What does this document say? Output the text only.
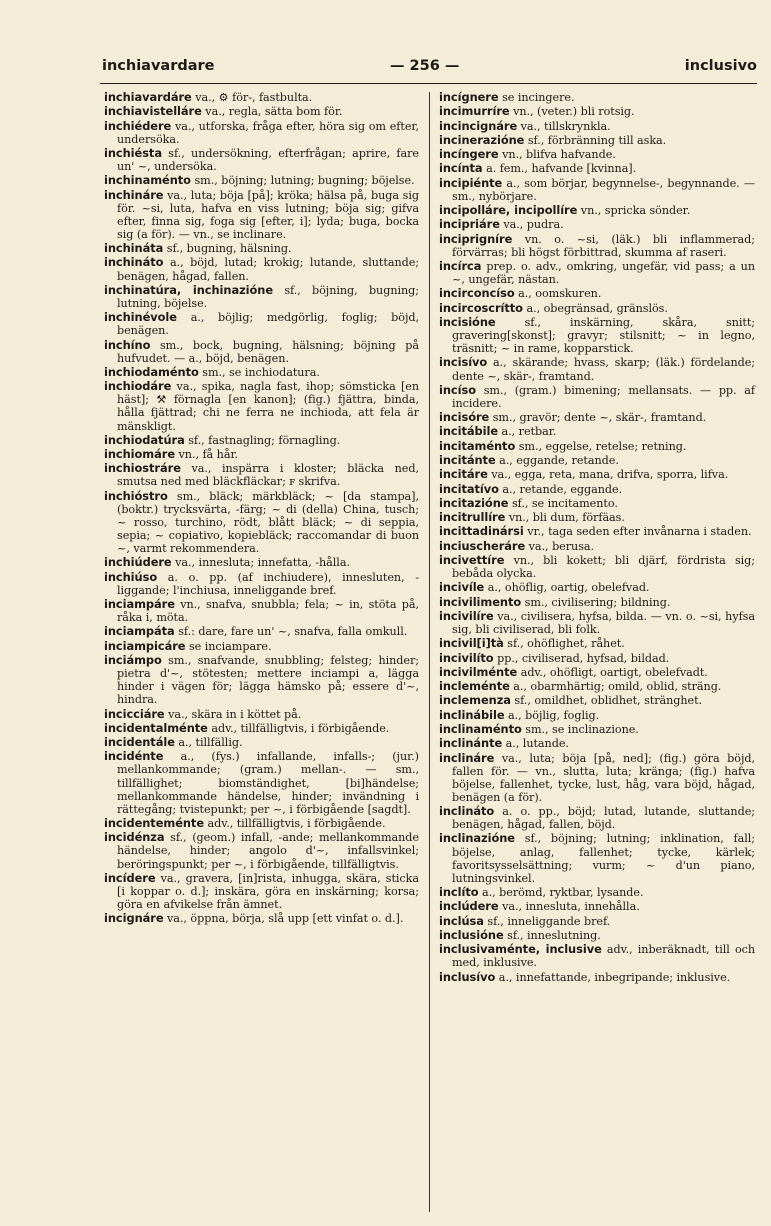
inchiavardare	— 256 —	inclusivo

inchiavardáre va., ⚙ för-, fastbulta.

inchiavistelláre va., regla, sätta bom för.

inchiédere va., utforska, fråga efter, höra sig om efter, undersöka.

inchiésta sf., undersökning, efterfrågan; aprire, fare un' ~, undersöka.

inchinaménto sm., böjning; lutning; bugning; böjelse.

inchináre va., luta; böja [på]; kröka; hälsa på, buga sig för. ~si, luta, hafva en viss lutning; böja sig; gifva efter, finna sig, foga sig [efter, i]; lyda; buga, bocka sig (a för). — vn., se inclinare.

inchináta sf., bugning, hälsning.

inchináto a., böjd, lutad; krokig; lutande, sluttande; benägen, hågad, fallen.

inchinatúra, inchinazióne sf., böjning, bugning; lutning, böjelse.

inchinévole a., böjlig; medgörlig, foglig; böjd, benägen.

inchíno sm., bock, bugning, hälsning; böjning på hufvudet. — a., böjd, benägen.

inchiodaménto sm., se inchiodatura.

inchiodáre va., spika, nagla fast, ihop; sömsticka [en häst]; ⚒ förnagla [en kanon]; (fig.) fjättra, binda, hålla fjättrad; chi ne ferra ne inchioda, att fela är mänskligt.

inchiodatúra sf., fastnagling; förnagling.

inchiomáre vn., få hår.

inchiostráre va., inspärra i kloster; bläcka ned, smutsa ned med bläckfläckar; ꜰ skrifva.

inchióstro sm., bläck; märkbläck; ~ [da stampa], (boktr.) trycksvärta, -färg; ~ di (della) China, tusch; ~ rosso, turchino, rödt, blått bläck; ~ di seppia, sepia; ~ copiativo, kopiebläck; raccomandar di buon ~, varmt rekommendera.

inchiúdere va., innesluta; innefatta, -hålla.

inchiúso a. o. pp. (af inchiudere), innesluten, -liggande; l'inchiusa, inneliggande bref.

inciampáre vn., snafva, snubbla; fela; ~ in, stöta på, råka i, möta.

inciampáta sf.: dare, fare un' ~, snafva, falla omkull.

inciampicáre se inciampare.

inciámpo sm., snafvande, snubbling; felsteg; hinder; pietra d'~, stötesten; mettere inciampi a, lägga hinder i vägen för; lägga hämsko på; essere d'~, hindra.

incicciáre va., skära in i köttet på.

incidentalménte adv., tillfälligtvis, i förbigående.

incidentále a., tillfällig.

incidénte a., (fys.) infallande, infalls-; (jur.) mellankommande; (gram.) mellan-. — sm., tillfällighet; biomständighet, [bi]händelse; mellankommande händelse, hinder; invändning i rättegång; tvistepunkt; per ~, i förbigående [sagdt].

incidenteménte adv., tillfälligtvis, i förbigående.

incidénza sf., (geom.) infall, -ande; mellankommande händelse, hinder; angolo d'~, infallsvinkel; beröringspunkt; per ~, i förbigående, tillfälligtvis.

incídere va., gravera, [in]rista, inhugga, skära, sticka [i koppar o. d.]; inskära, göra en inskärning; korsa; göra en afvikelse från ämnet.

incignáre va., öppna, börja, slå upp [ett vinfat o. d.].

incígnere se incingere.

incimurríre vn., (veter.) bli rotsig.

incincignáre va., tillskrynkla.

incinerazióne sf., förbränning till aska.

incíngere vn., blifva hafvande.

incínta a. fem., hafvande [kvinna].

incipiénte a., som börjar, begynnelse-, begynnande. — sm., nybörjare.

incipolláre, incipollíre vn., spricka sönder.

incipriáre va., pudra.

inciprigníre vn. o. ~si, (läk.) bli inflammerad; förvärras; bli högst förbittrad, skumma af raseri.

incírca prep. o. adv., omkring, ungefär, vid pass; a un ~, ungefär, nästan.

incirconcíso a., oomskuren.

incircoscrítto a., obegränsad, gränslös.

incisióne sf., inskärning, skåra, snitt; gravering[skonst]; gravyr; stilsnitt; ~ in legno, träsnitt; ~ in rame, kopparstick.

incisívo a., skärande; hvass, skarp; (läk.) fördelande; dente ~, skär-, framtand.

incíso sm., (gram.) bimening; mellansats. — pp. af incidere.

incisóre sm., gravör; dente ~, skär-, framtand.

incitábile a., retbar.

incitaménto sm., eggelse, retelse; retning.

incitánte a., eggande, retande.

incitáre va., egga, reta, mana, drifva, sporra, lifva.

incitatívo a., retande, eggande.

incitazióne sf., se incitamento.

incitrullíre vn., bli dum, förfäas.

incittadinársi vr., taga seden efter invånarna i staden.

inciuscheráre va., berusa.

incivettíre vn., bli kokett; bli djärf, fördrista sig; bebåda olycka.

incivíle a., ohöflig, oartig, obelefvad.

incivilimento sm., civilisering; bildning.

incivilíre va., civilisera, hyfsa, bilda. — vn. o. ~si, hyfsa sig, bli civiliserad, bli folk.

incivil[i]tà sf., ohöflighet, råhet.

incivilíto pp., civiliserad, hyfsad, bildad.

incivilménte adv., ohöfligt, oartigt, obelefvadt.

incleménte a., obarmhärtig; omild, oblid, sträng.

inclemenza sf., omildhet, oblidhet, stränghet.

inclinábile a., böjlig, foglig.

inclinaménto sm., se inclinazione.

inclinánte a., lutande.

inclináre va., luta; böja [på, ned]; (fig.) göra böjd, fallen för. — vn., slutta, luta; kränga; (fig.) hafva böjelse, fallenhet, tycke, lust, håg, vara böjd, hågad, benägen (a för).

inclináto a. o. pp., böjd; lutad, lutande, sluttande; benägen, hågad, fallen, böjd.

inclinazióne sf., böjning; lutning; inklination, fall; böjelse, anlag, fallenhet; tycke, kärlek; favoritsysselsättning; vurm; ~ d'un piano, lutningsvinkel.

inclíto a., berömd, ryktbar, lysande.

inclúdere va., innesluta, innehålla.

inclúsa sf., inneliggande bref.

inclusióne sf., inneslutning.

inclusivaménte, inclusive adv., inberäknadt, till och med, inklusive.

inclusívo a., innefattande, inbegripande; inklusive.
